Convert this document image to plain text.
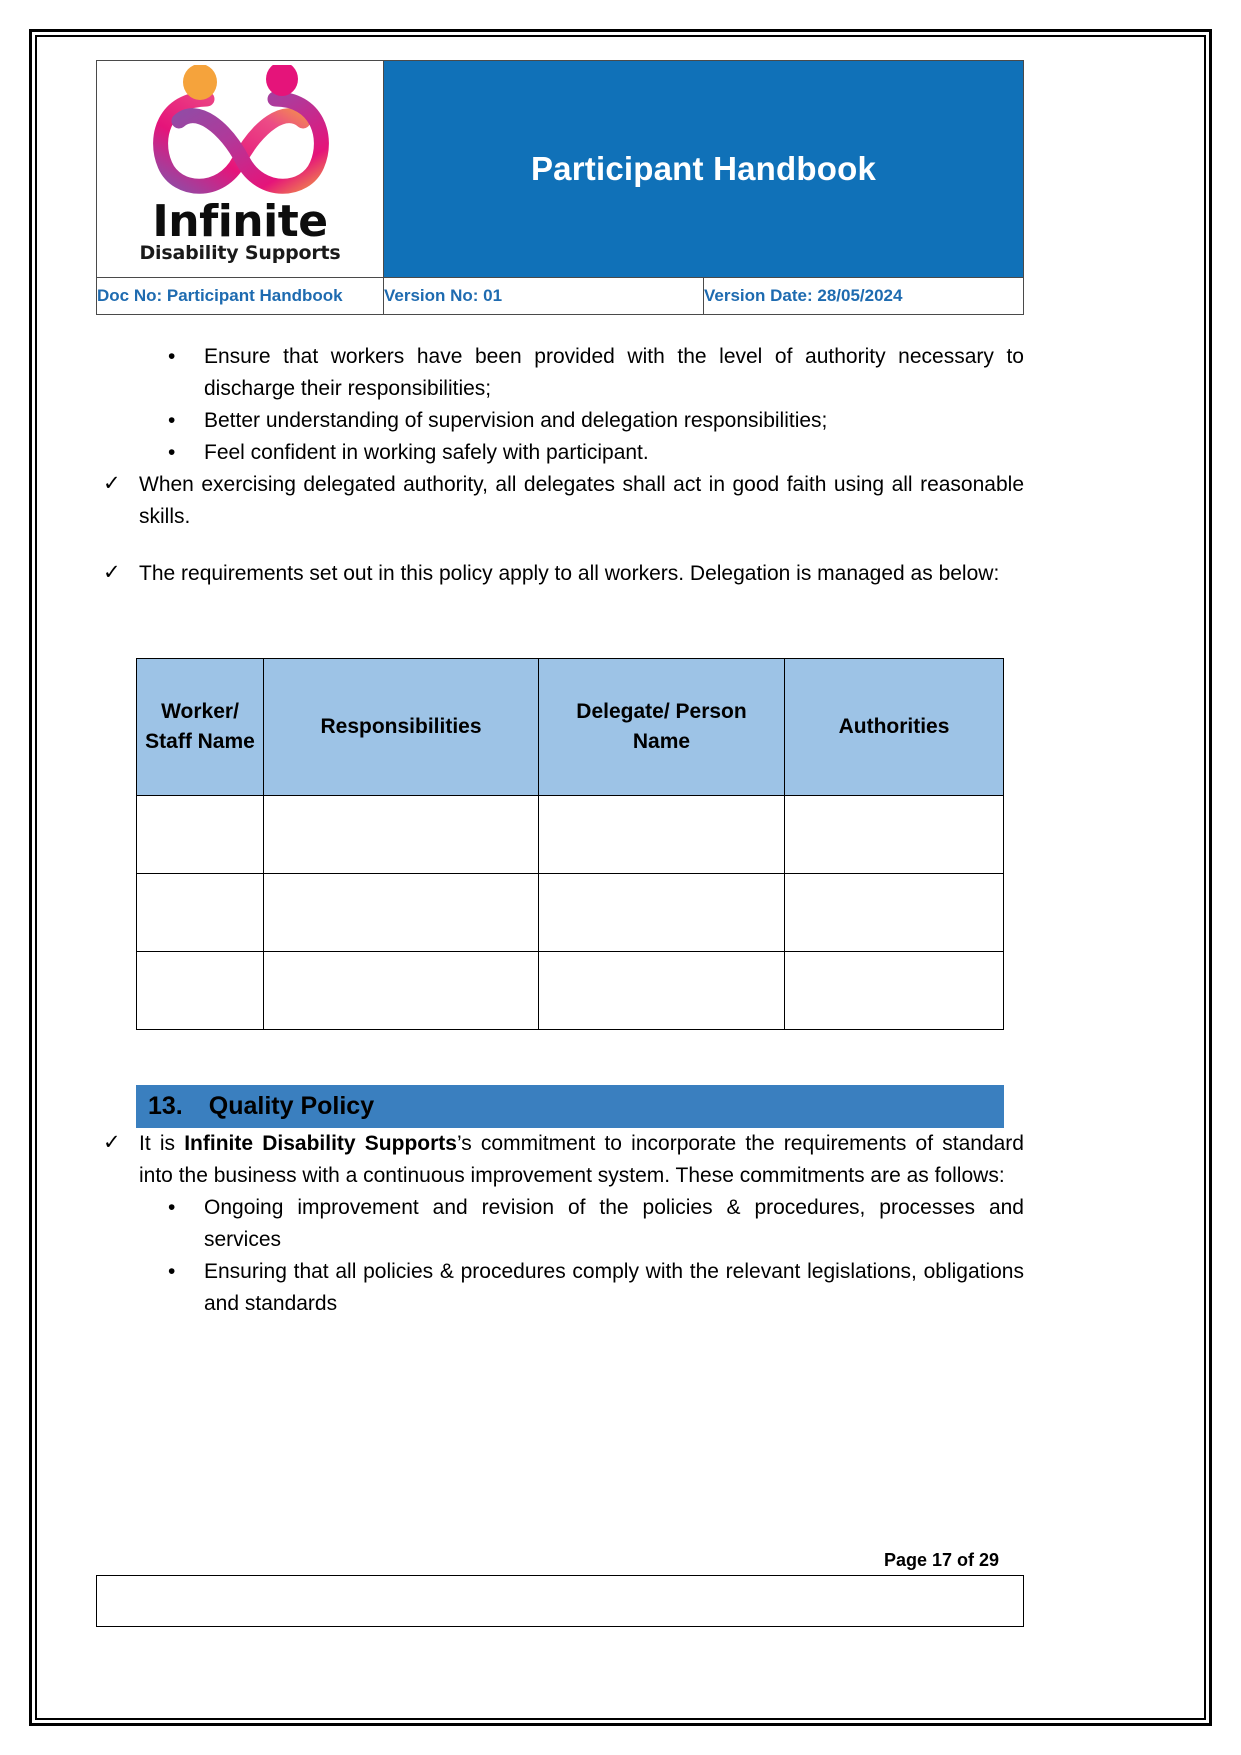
Infinite
Disability Supports	Participant Handbook	

Doc No: Participant Handbook	Version No: 01	Version Date: 28/05/2024
• Ensure that workers have been provided with the level of authority necessary to discharge their responsibilities;
• Better understanding of supervision and delegation responsibilities;
• Feel confident in working safely with participant.
✓ When exercising delegated authority, all delegates shall act in good faith using all reasonable skills.
✓ The requirements set out in this policy apply to all workers. Delegation is managed as below:
Worker/ Staff Name	Responsibilities	Delegate/ Person Name	Authorities

13. Quality Policy
✓ It is Infinite Disability Supports’s commitment to incorporate the requirements of standard into the business with a continuous improvement system. These commitments are as follows:
• Ongoing improvement and revision of the policies & procedures, processes and services
• Ensuring that all policies & procedures comply with the relevant legislations, obligations and standards
Page 17 of 29
